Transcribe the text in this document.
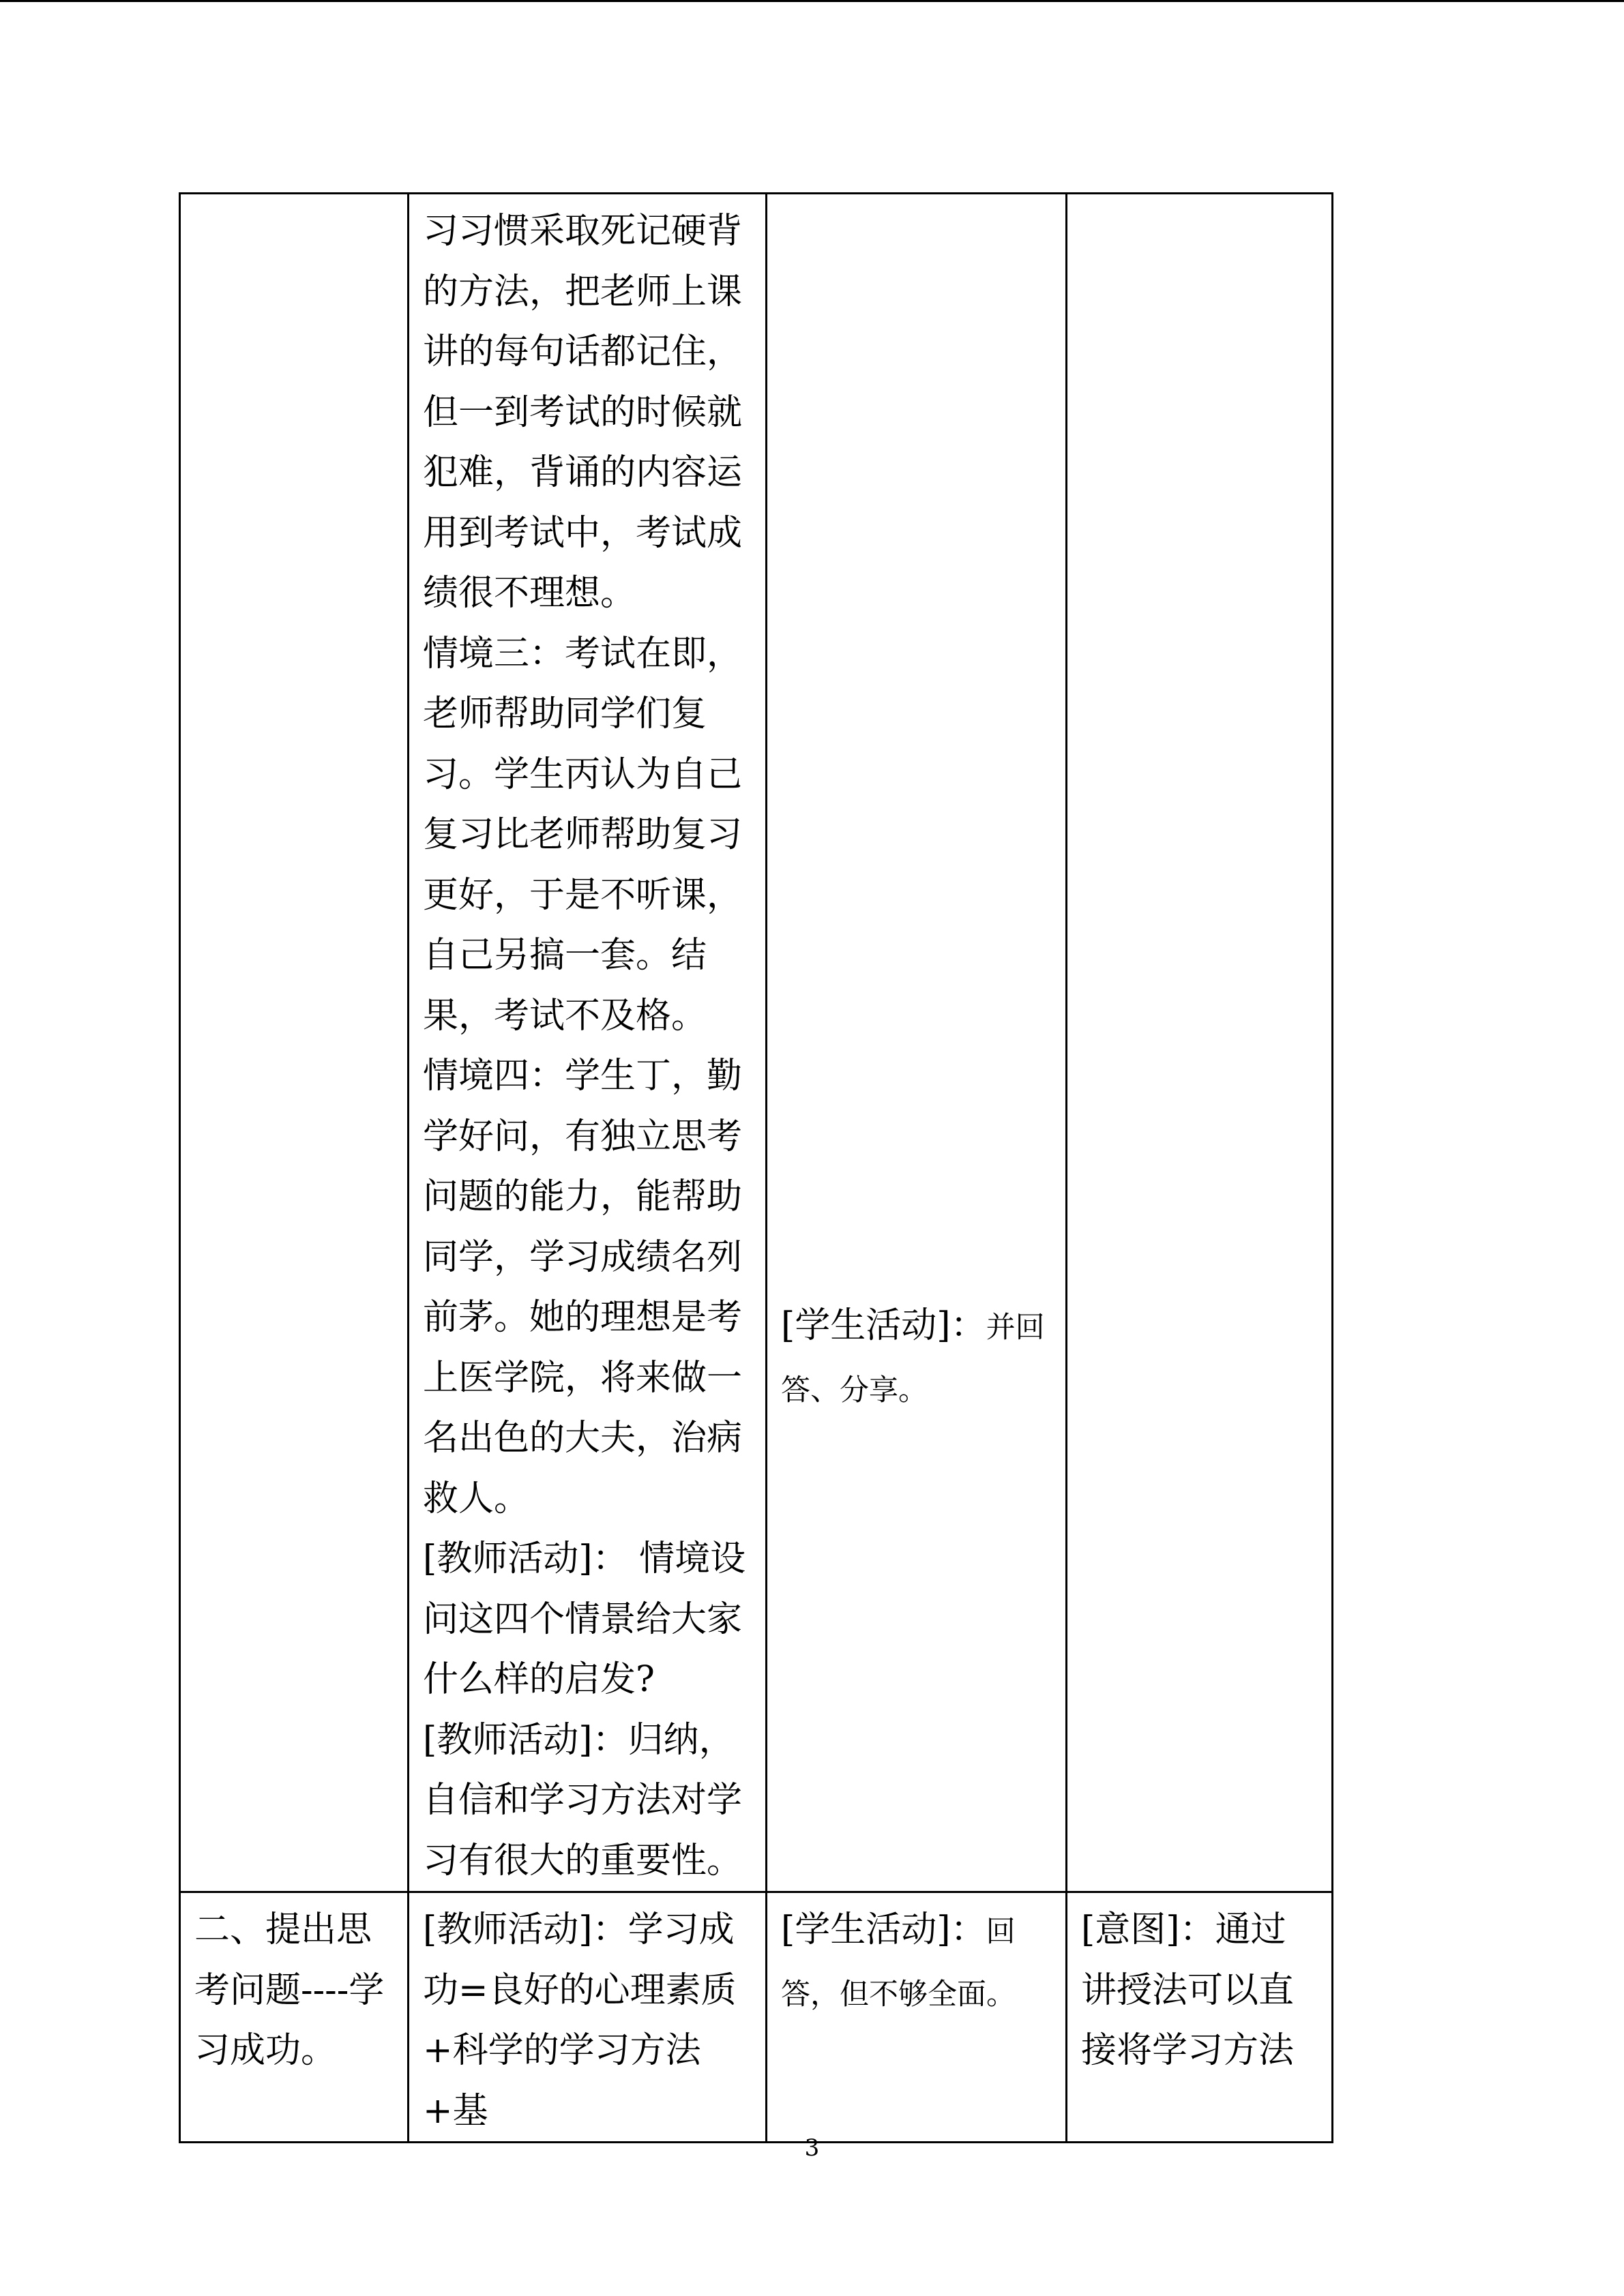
	习习惯采取死记硬背的方法，把老师上课讲的每句话都记住，但一到考试的时候就犯难，背诵的内容运用到考试中，考试成绩很不理想。
情境三：考试在即，老师帮助同学们复习。学生丙认为自己复习比老师帮助复习更好，于是不听课，自己另搞一套。结果，考试不及格。
情境四：学生丁，勤学好问，有独立思考问题的能力，能帮助同学，学习成绩名列前茅。她的理想是考上医学院，将来做一名出色的大夫，治病救人。
[教师活动]： 情境设问这四个情景给大家什么样的启发?
[教师活动]：归纳，自信和学习方法对学习有很大的重要性。	[学生活动]：并回答、分享。	
二、提出思考问题----学习成功。	[教师活动]：学习成功=良好的心理素质+科学的学习方法+基	[学生活动]：回答，但不够全面。	[意图]：通过讲授法可以直接将学习方法
3
